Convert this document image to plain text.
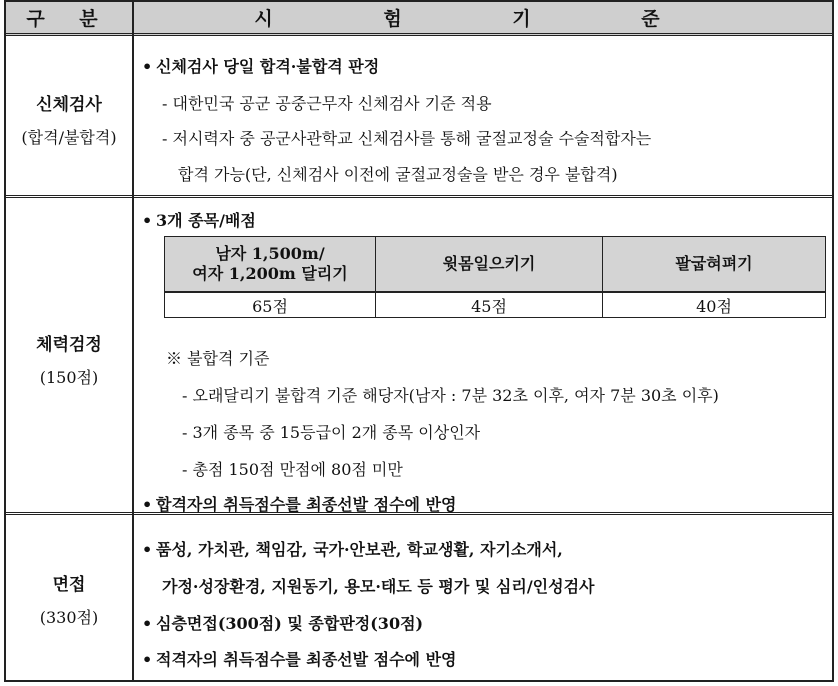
구 분	시 험 기 준
신체검사
(합격/불합격)
• 신체검사 당일 합격·불합격 판정
- 대한민국 공군 공중근무자 신체검사 기준 적용
- 저시력자 중 공군사관학교 신체검사를 통해 굴절교정술 수술적합자는
합격 가능(단, 신체검사 이전에 굴절교정술을 받은 경우 불합격)
체력검정
(150점)
• 3개 종목/배점
남자 1,500m/
여자 1,200m 달리기	윗몸일으키기	팔굽혀펴기

65점	45점	40점
※ 불합격 기준
- 오래달리기 불합격 기준 해당자(남자 : 7분 32초 이후, 여자 7분 30초 이후)
- 3개 종목 중 15등급이 2개 종목 이상인자
- 총점 150점 만점에 80점 미만
• 합격자의 취득점수를 최종선발 점수에 반영
면접
(330점)
• 품성, 가치관, 책임감, 국가·안보관, 학교생활, 자기소개서,
가정·성장환경, 지원동기, 용모·태도 등 평가 및 심리/인성검사
• 심층면접(300점) 및 종합판정(30점)
• 적격자의 취득점수를 최종선발 점수에 반영
